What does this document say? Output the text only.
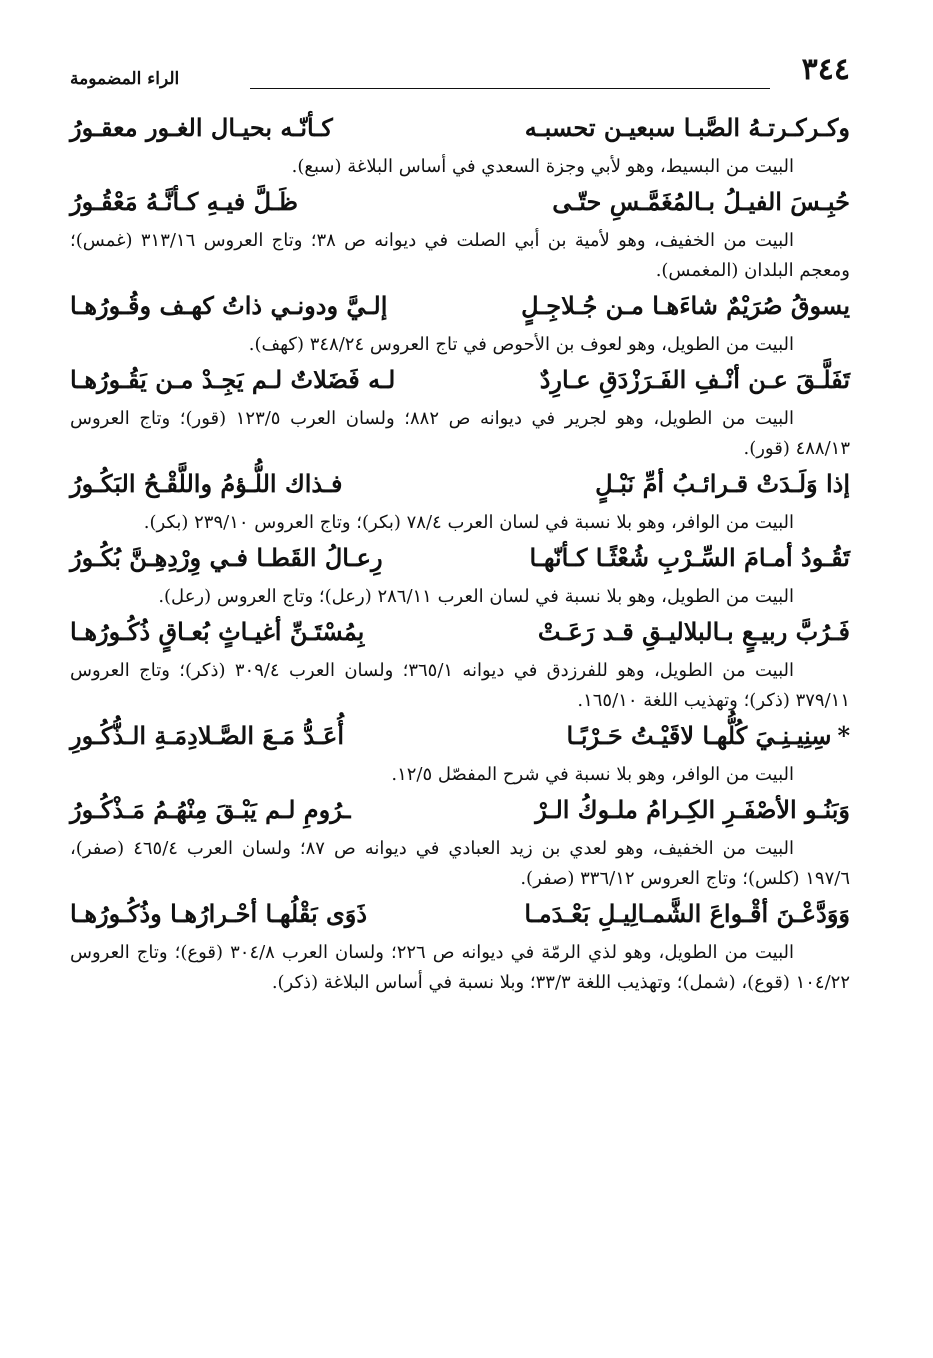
٣٤٤
الراء المضمومة
وكـركـرتـهُ الصَّبـا سبعيـن تحسبـه
كـأنّـه بحيـال الغـور معقـورُ

البيت من البسيط، وهو لأبي وجزة السعدي في أساس البلاغة (سبع).

حُبِـسَ الفيـلُ بـالمُغَمَّـسِ حتّـى
ظَـلَّ فيـهِ كـأنَّـهُ مَعْقُـورُ

البيت من الخفيف، وهو لأمية بن أبي الصلت في ديوانه ص ٣٨؛ وتاج العروس ٣١٣/١٦ (غمس)؛ ومعجم البلدان (المغمس).

يسوقُ صُرَيْمٌ شاءَهـا مـن جُـلاجِـلٍ
إلـيَّ ودونـي ذاتُ كهـف وقُـورُهـا

البيت من الطويل، وهو لعوف بن الأحوص في تاج العروس ٣٤٨/٢٤ (كهف).

تَفَلَّـقَ عـن أنْـفِ الفَـرَزْدَقِ عـارِدٌ
لـه فَضَلاتٌ لـم يَجِـدْ مـن يَقُـورُهـا

البيت من الطويل، وهو لجرير في ديوانه ص ٨٨٢؛ ولسان العرب ١٢٣/٥ (قور)؛ وتاج العروس ٤٨٨/١٣ (قور).

إذا وَلَـدَتْ قـرائـبُ أمِّ نَبْـلٍ
فـذاك اللُّـؤمُ واللَّقْـحُ البَكُـورُ

البيت من الوافر، وهو بلا نسبة في لسان العرب ٧٨/٤ (بكر)؛ وتاج العروس ٢٣٩/١٠ (بكر).

تَقُـودُ أمـامَ السِّـرْبِ شُعْثًـا كـأنّهـا
رِعـالُ القَطـا فـي وِرْدِهِـنَّ بُكُـورُ

البيت من الطويل، وهو بلا نسبة في لسان العرب ٢٨٦/١١ (رعل)؛ وتاج العروس (رعل).

فَـرُبَّ ربيـعٍ بـالبلاليـقِ قـد رَعَـتْ
بِمُسْتَـنِّ أغيـاثٍ بُعـاقٍ ذُكُـورُهـا

البيت من الطويل، وهو للفرزدق في ديوانه ٣٦٥/١؛ ولسان العرب ٣٠٩/٤ (ذكر)؛ وتاج العروس ٣٧٩/١١ (ذكر)؛ وتهذيب اللغة ١٦٥/١٠.

*سِنِيـنِـيَ كُلُّهـا لاقَيْـتُ حَـرْبًـا
أُعَـدُّ مَـعَ الصَّـلادِمَـةِ الـذُّكُـورِ

البيت من الوافر، وهو بلا نسبة في شرح المفصّل ١٢/٥.

وَبَنُـو الأصْفَـرِ الكِـرامُ ملـوكُ الـرْ
ـرُومِ لـم يَبْـقَ مِنْهُـمُ مَـذْكُـورُ

البيت من الخفيف، وهو لعدي بن زيد العبادي في ديوانه ص ٨٧؛ ولسان العرب ٤٦٥/٤ (صفر)، ١٩٧/٦ (كلس)؛ وتاج العروس ٣٣٦/١٢ (صفر).

وَوَدَّعْـنَ أقْـواعَ الشَّمـالِيـلِ بَعْـدَمـا
ذَوَى بَقْلُهـا أحْـرارُهـا وذُكُـورُهـا

البيت من الطويل، وهو لذي الرمّة في ديوانه ص ٢٢٦؛ ولسان العرب ٣٠٤/٨ (قوع)؛ وتاج العروس ١٠٤/٢٢ (قوع)، (شمل)؛ وتهذيب اللغة ٣٣/٣؛ وبلا نسبة في أساس البلاغة (ذكر).
